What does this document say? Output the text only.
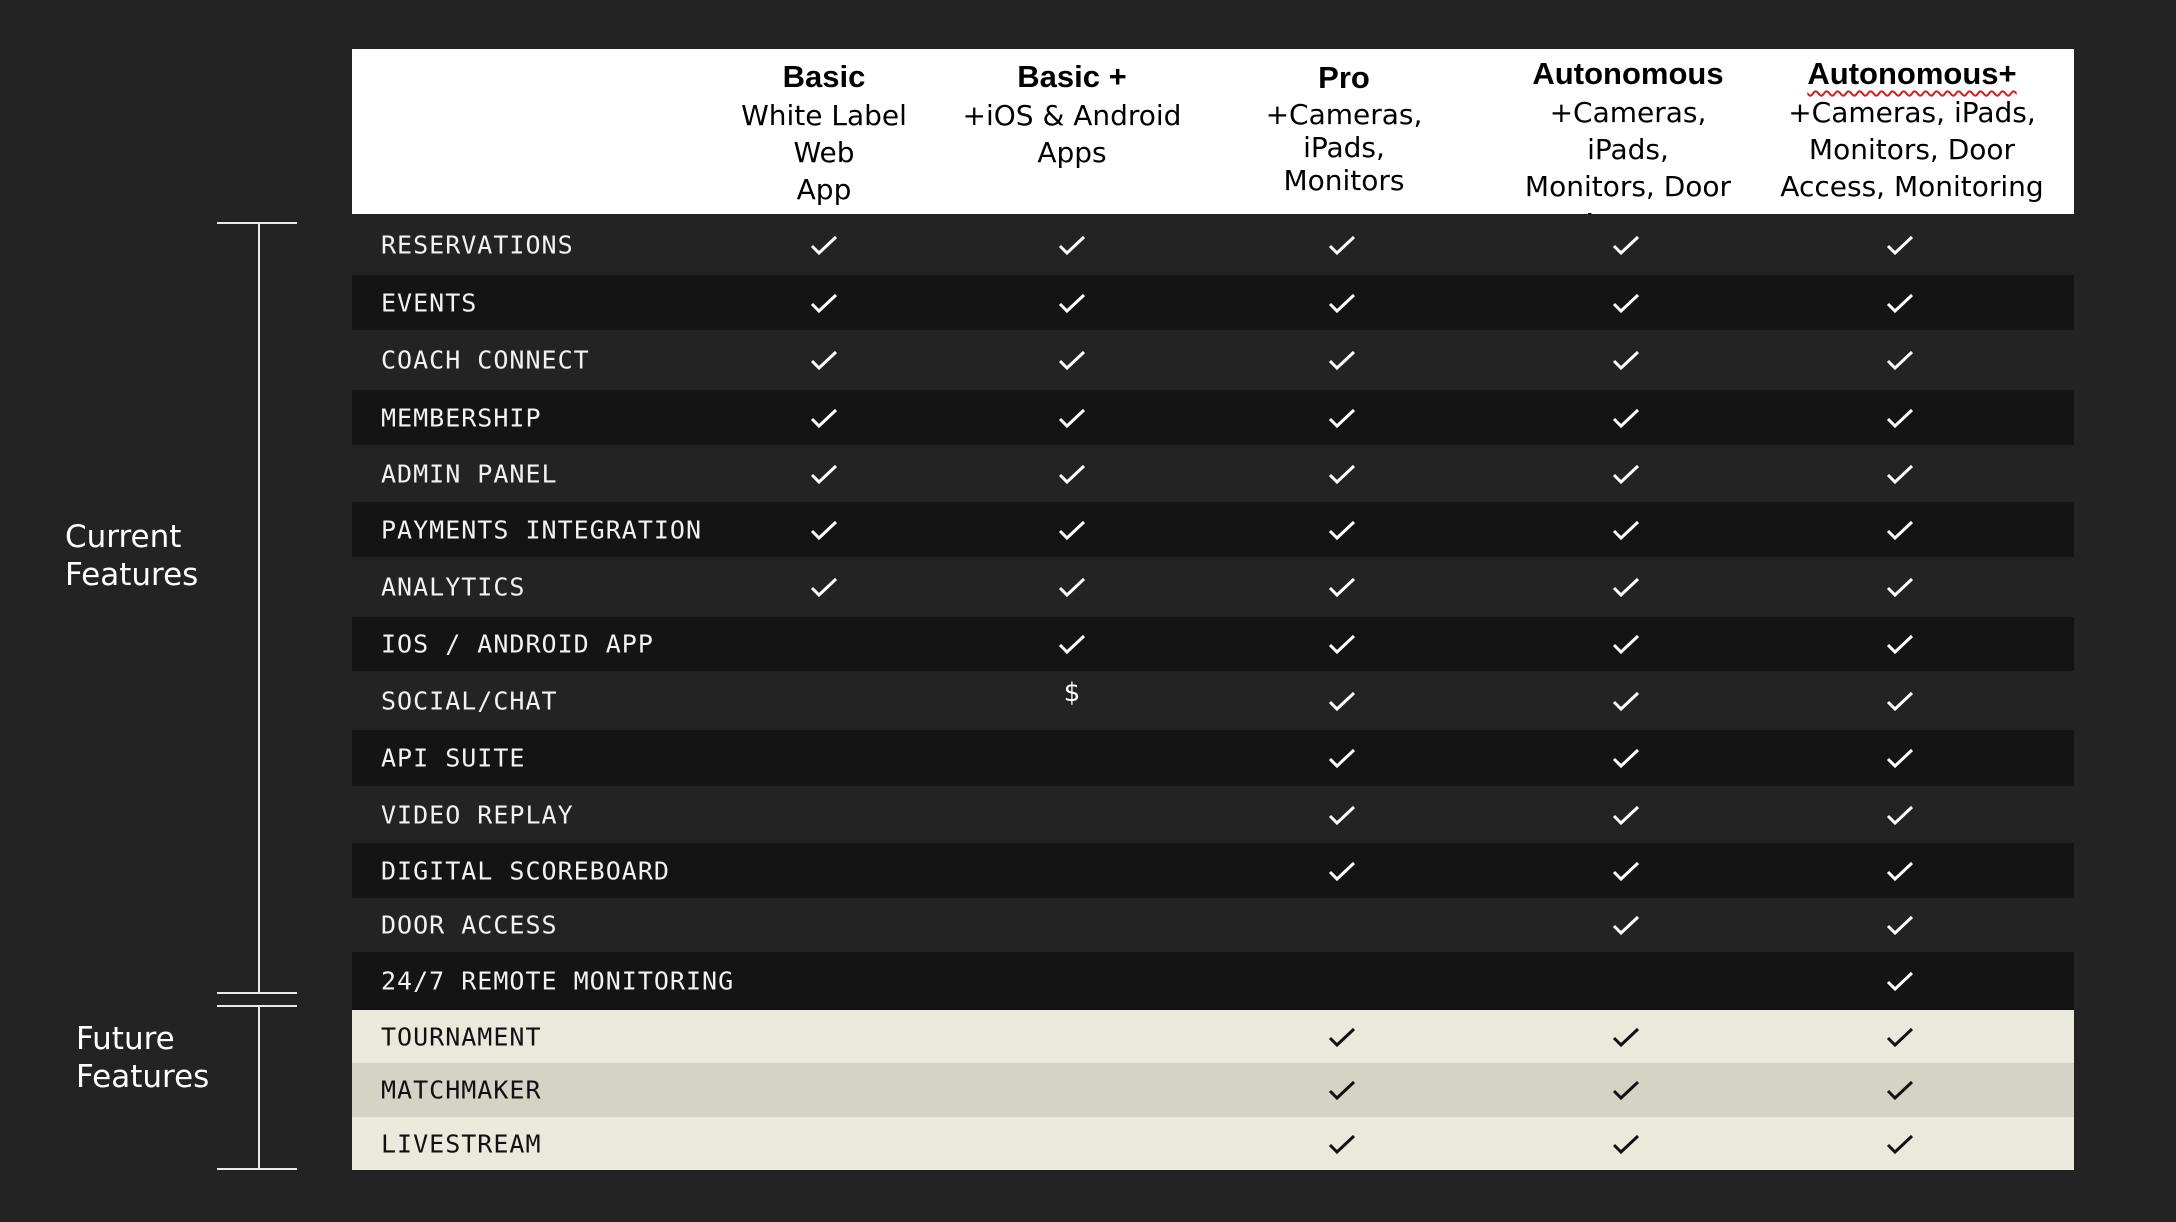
Current
Features
Future
Features
Basic
White Label Web
App
Basic +
+iOS & Android
Apps
Pro
+Cameras, iPads,
Monitors
Autonomous
+Cameras, iPads,
Monitors, Door

Autonomous+
+Cameras, iPads,
Monitors, Door
Access, Monitoring
RESERVATIONS
EVENTS
COACH CONNECT
MEMBERSHIP
ADMIN PANEL
PAYMENTS INTEGRATION
ANALYTICS
IOS / ANDROID APP
SOCIAL/CHAT	$
API SUITE
VIDEO REPLAY
DIGITAL SCOREBOARD
DOOR ACCESS
24/7 REMOTE MONITORING
TOURNAMENT
MATCHMAKER
LIVESTREAM
